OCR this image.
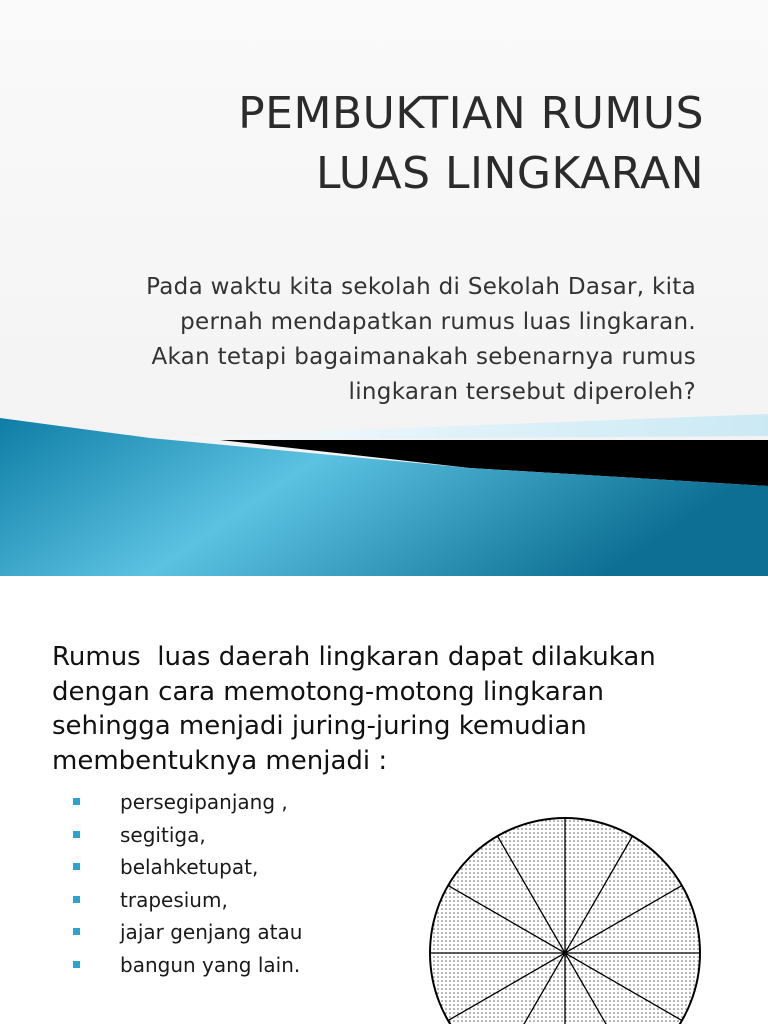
PEMBUKTIAN RUMUS
LUAS LINGKARAN

Pada waktu kita sekolah di Sekolah Dasar, kita
pernah mendapatkan rumus luas lingkaran.
Akan tetapi bagaimanakah sebenarnya rumus
lingkaran tersebut diperoleh?

Rumus  luas daerah lingkaran dapat dilakukan
dengan cara memotong-motong lingkaran
sehingga menjadi juring-juring kemudian
membentuknya menjadi :

persegipanjang ,
segitiga,
belahketupat,
trapesium,
jajar genjang atau
bangun yang lain.
